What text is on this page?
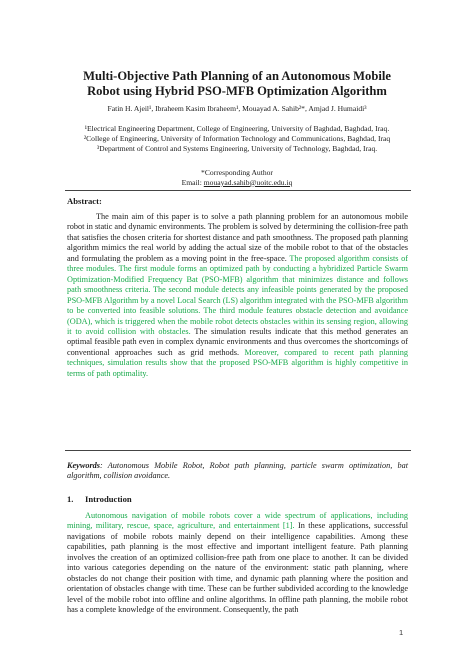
Multi-Objective Path Planning of an Autonomous Mobile
Robot using Hybrid PSO-MFB Optimization Algorithm
Fatin H. Ajeil¹, Ibraheem Kasim Ibraheem¹, Mouayad A. Sahib²*, Amjad J. Humaidi³
¹Electrical Engineering Department, College of Engineering, University of Baghdad, Baghdad, Iraq.
²College of Engineering, University of Information Technology and Communications, Baghdad, Iraq
³Department of Control and Systems Engineering, University of Technology, Baghdad, Iraq.
*Corresponding Author
Email: mouayad.sahib@uoitc.edu.iq
Abstract:

The main aim of this paper is to solve a path planning problem for an autonomous mobile robot in static and dynamic environments. The problem is solved by determining the collision-free path that satisfies the chosen criteria for shortest distance and path smoothness. The proposed path planning algorithm mimics the real world by adding the actual size of the mobile robot to that of the obstacles and formulating the problem as a moving point in the free-space. The proposed algorithm consists of three modules. The first module forms an optimized path by conducting a hybridized Particle Swarm Optimization-Modified Frequency Bat (PSO-MFB) algorithm that minimizes distance and follows path smoothness criteria. The second module detects any infeasible points generated by the proposed PSO-MFB Algorithm by a novel Local Search (LS) algorithm integrated with the PSO-MFB algorithm to be converted into feasible solutions. The third module features obstacle detection and avoidance (ODA), which is triggered when the mobile robot detects obstacles within its sensing region, allowing it to avoid collision with obstacles. The simulation results indicate that this method generates an optimal feasible path even in complex dynamic environments and thus overcomes the shortcomings of conventional approaches such as grid methods. Moreover, compared to recent path planning techniques, simulation results show that the proposed PSO-MFB algorithm is highly competitive in terms of path optimality.

Keywords: Autonomous Mobile Robot, Robot path planning, particle swarm optimization, bat algorithm, collision avoidance.

1. Introduction

Autonomous navigation of mobile robots cover a wide spectrum of applications, including mining, military, rescue, space, agriculture, and entertainment [1]. In these applications, successful navigations of mobile robots mainly depend on their intelligence capabilities. Among these capabilities, path planning is the most effective and important intelligent feature. Path planning involves the creation of an optimized collision-free path from one place to another. It can be divided into various categories depending on the nature of the environment: static path planning, where obstacles do not change their position with time, and dynamic path planning where the position and orientation of obstacles change with time. These can be further subdivided according to the knowledge level of the mobile robot into offline and online algorithms. In offline path planning, the mobile robot has a complete knowledge of the environment. Consequently, the path

1
